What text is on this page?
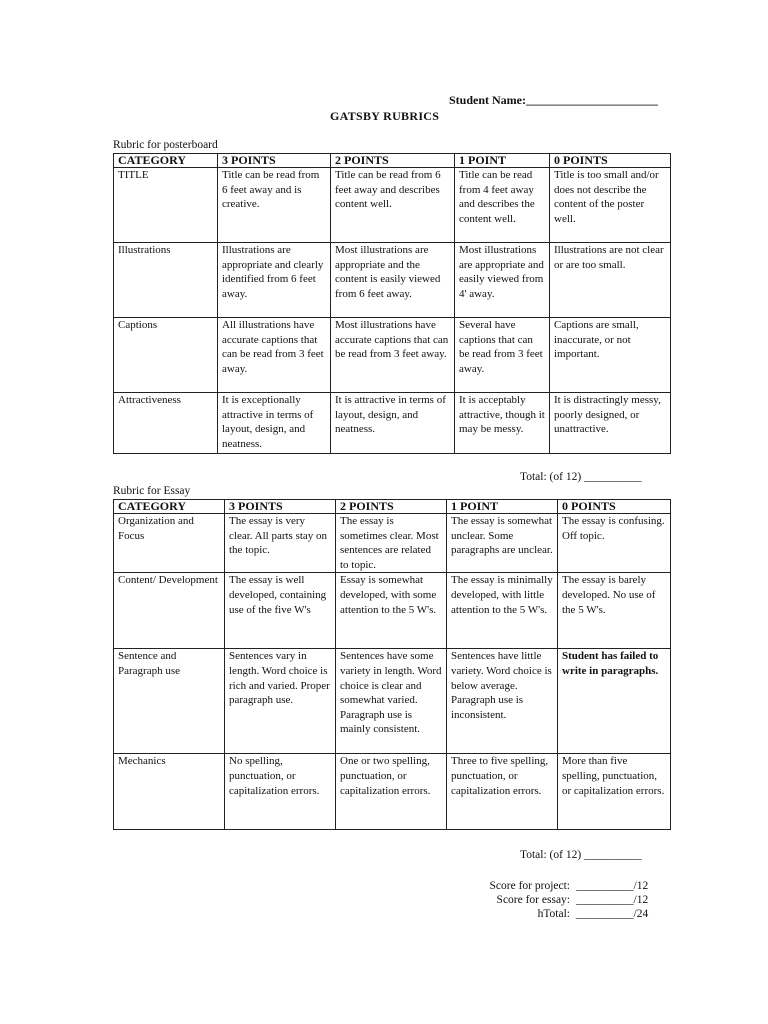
Student Name:______________________
GATSBY RUBRICS
Rubric for posterboard
CATEGORY	3 POINTS	2 POINTS	1 POINT	0 POINTS
TITLE	Title can be read from 6 feet away and is creative.	Title can be read from 6 feet away and describes content well.	Title can be read from 4 feet away and describes the content well.	Title is too small and/or does not describe the content of the poster well.
Illustrations	Illustrations are appropriate and clearly identified from 6 feet away.	Most illustrations are appropriate and the content is easily viewed from 6 feet away.	Most illustrations are appropriate and easily viewed from 4' away.	Illustrations are not clear or are too small.
Captions	All illustrations have accurate captions that can be read from 3 feet away.	Most illustrations have accurate captions that can be read from 3 feet away.	Several have captions that can be read from 3 feet away.	Captions are small, inaccurate, or not important.
Attractiveness	It is exceptionally attractive in terms of layout, design, and neatness.	It is attractive in terms of layout, design, and neatness.	It is acceptably attractive, though it may be messy.	It is distractingly messy, poorly designed, or unattractive.
Total: (of 12) __________
Rubric for Essay
CATEGORY	3 POINTS	2 POINTS	1 POINT	0 POINTS
Organization and Focus	The essay is very clear. All parts stay on the topic.	The essay is sometimes clear. Most sentences are related to topic.	The essay is somewhat unclear. Some paragraphs are unclear.	The essay is confusing. Off topic.
Content/ Development	The essay is well developed, containing use of the five W's	Essay is somewhat developed, with some attention to the 5 W's.	The essay is minimally developed, with little attention to the 5 W's.	The essay is barely developed. No use of the 5 W's.
Sentence and Paragraph use	Sentences vary in length. Word choice is rich and varied. Proper paragraph use.	Sentences have some variety in length. Word choice is clear and somewhat varied. Paragraph use is mainly consistent.	Sentences have little variety. Word choice is below average. Paragraph use is inconsistent.	Student has failed to write in paragraphs.
Mechanics	No spelling, punctuation, or capitalization errors.	One or two spelling, punctuation, or capitalization errors.	Three to five spelling, punctuation, or capitalization errors.	More than five spelling, punctuation, or capitalization errors.
Total: (of 12) __________
Score for project: __________/12
Score for essay: __________/12
hTotal: __________/24
